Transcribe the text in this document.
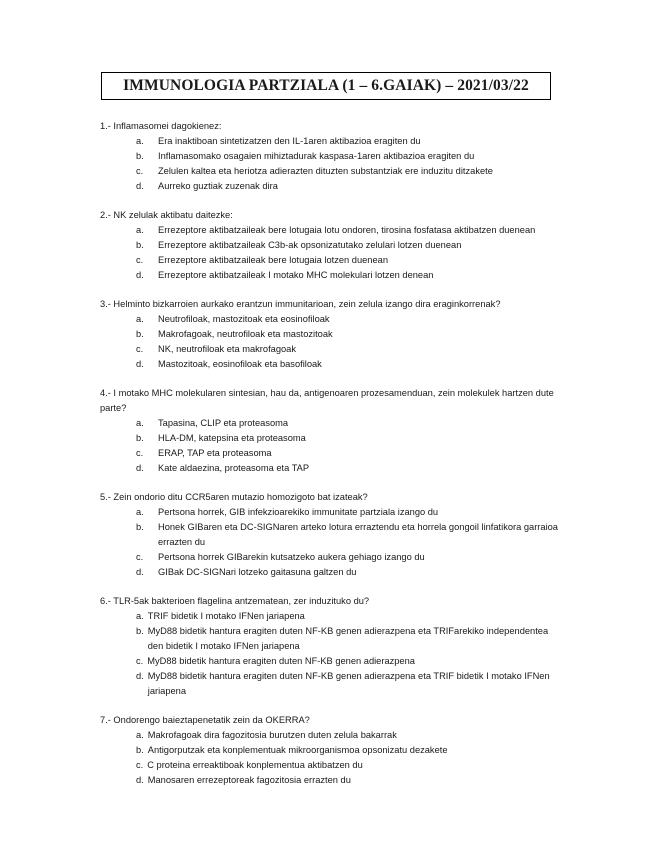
IMMUNOLOGIA PARTZIALA (1 – 6.GAIAK) – 2021/03/22
1.- Inflamasomei dagokienez:
a.	Era inaktiboan sintetizatzen den IL-1aren aktibazioa eragiten du
b.	Inflamasomako osagaien mihiztadurak kaspasa-1aren aktibazioa eragiten du
c.	Zelulen kaltea eta heriotza adierazten dituzten substantziak ere induzitu ditzakete
d.	Aurreko guztiak zuzenak dira
2.- NK zelulak aktibatu daitezke:
a.	Errezeptore aktibatzaileak bere lotugaia lotu ondoren, tirosina fosfatasa aktibatzen duenean
b.	Errezeptore aktibatzaileak C3b-ak opsonizatutako zelulari lotzen duenean
c.	Errezeptore aktibatzaileak bere lotugaia lotzen duenean
d.	Errezeptore aktibatzaileak I motako MHC molekulari lotzen denean
3.- Helminto bizkarroien aurkako erantzun immunitarioan, zein zelula izango dira eraginkorrenak?
a.	Neutrofiloak, mastozitoak eta eosinofiloak
b.	Makrofagoak, neutrofiloak eta mastozitoak
c.	NK, neutrofiloak eta makrofagoak
d.	Mastozitoak, eosinofiloak eta basofiloak
4.- I motako MHC molekularen sintesian, hau da, antigenoaren prozesamenduan, zein molekulek hartzen dute parte?
a.	Tapasina, CLIP eta proteasoma
b.	HLA-DM, katepsina eta proteasoma
c.	ERAP, TAP eta proteasoma
d.	Kate aldaezina, proteasoma eta TAP
5.- Zein ondorio ditu CCR5aren mutazio homozigoto bat izateak?
a.	Pertsona horrek, GIB infekzioarekiko immunitate partziala izango du
b.	Honek GIBaren eta DC-SIGNaren arteko lotura erraztendu eta horrela gongoil linfatikora garraioa errazten du
c.	Pertsona horrek GIBarekin kutsatzeko aukera gehiago izango du
d.	GIBak DC-SIGNari lotzeko gaitasuna galtzen du
6.- TLR-5ak bakterioen flagelina antzematean, zer induzituko du?
a. TRIF bidetik I motako IFNen jariapena
b. MyD88 bidetik hantura eragiten duten NF-KB genen adierazpena eta TRIFarekiko independentea den bidetik I motako IFNen jariapena
c. MyD88 bidetik hantura eragiten duten NF-KB genen adierazpena
d. MyD88 bidetik hantura eragiten duten NF-KB genen adierazpena eta TRIF bidetik I motako IFNen jariapena
7.- Ondorengo baieztapenetatik zein da OKERRA?
a. Makrofagoak dira fagozitosia burutzen duten zelula bakarrak
b. Antigorputzak eta konplementuak mikroorganismoa opsonizatu dezakete
c. C proteina erreaktiboak konplementua aktibatzen du
d. Manosaren errezeptoreak fagozitosia errazten du
